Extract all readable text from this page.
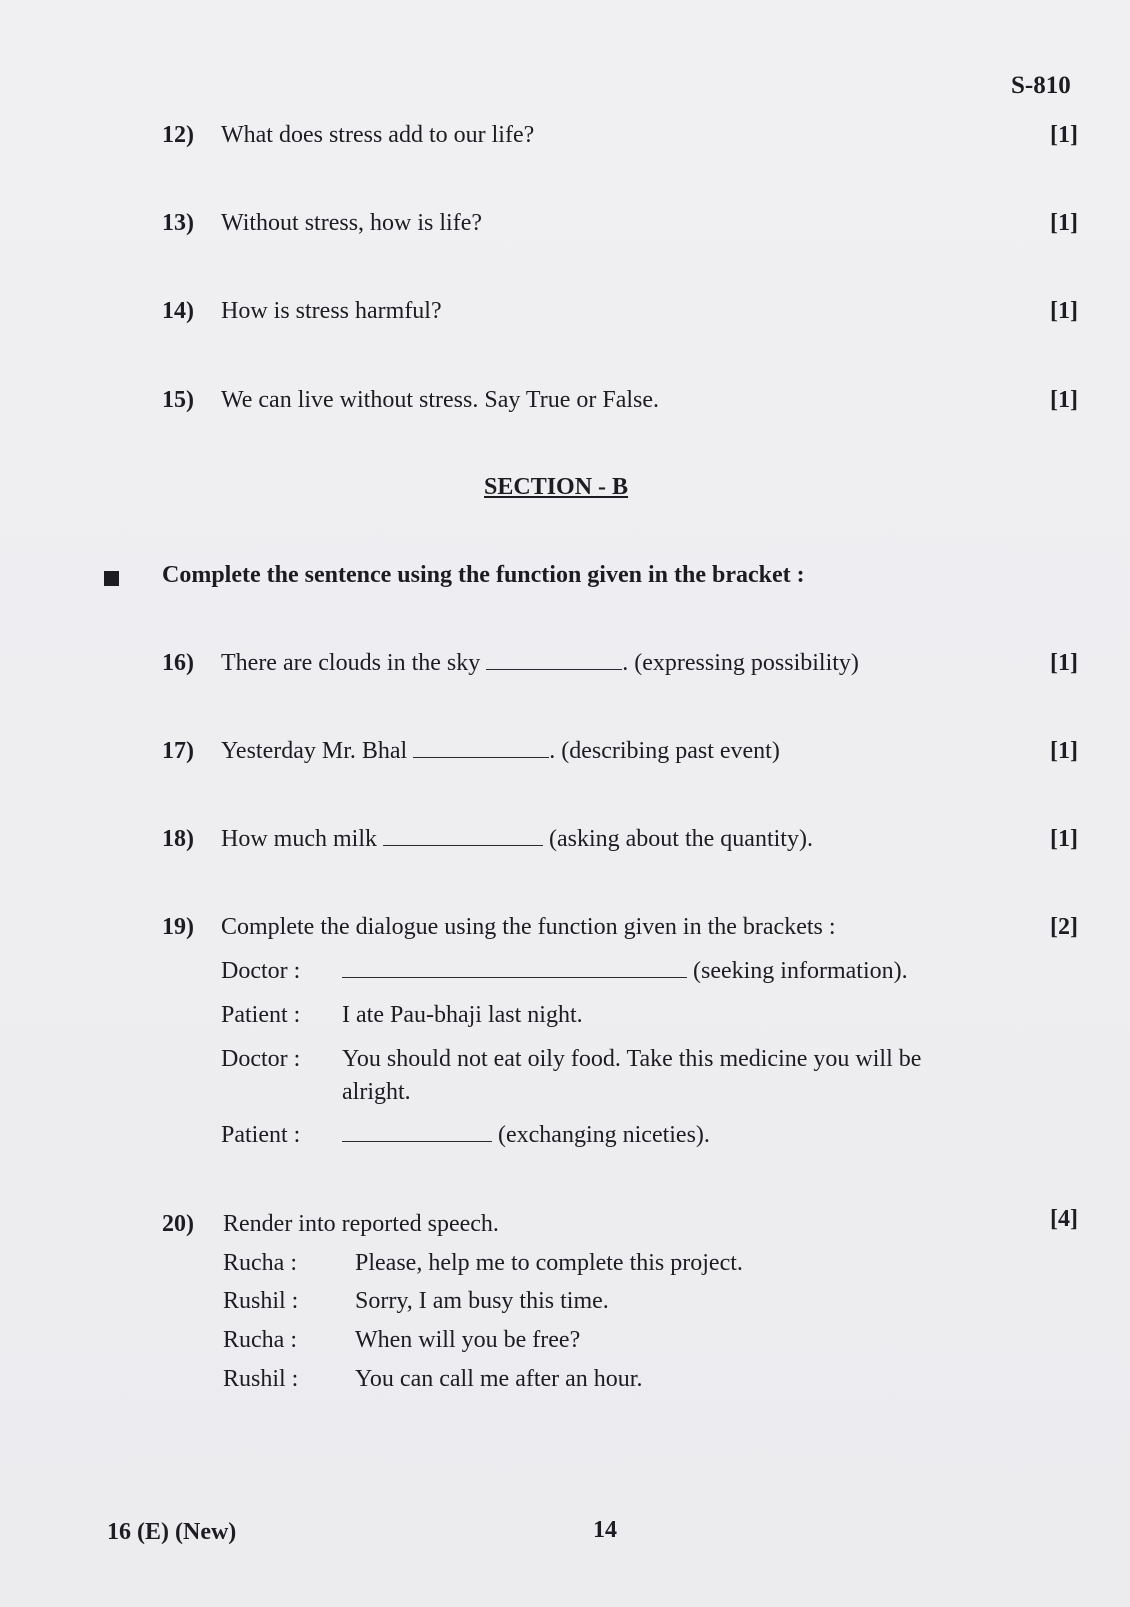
S-810
12) What does stress add to our life?	[1]
13) Without stress, how is life?	[1]
14) How is stress harmful?	[1]
15) We can live without stress. Say True or False.	[1]
SECTION - B
Complete the sentence using the function given in the bracket :
16) There are clouds in the sky	. (expressing possibility)	[1]
17) Yesterday Mr. Bhal	. (describing past event)	[1]
18) How much milk	(asking about the quantity).	[1]
19) Complete the dialogue using the function given in the brackets :	[2]
Doctor :	(seeking information).
Patient : I ate Pau-bhaji last night.
Doctor : You should not eat oily food. Take this medicine you will be
alright.
Patient :	(exchanging niceties).
20) Render into reported speech.	[4]
Rucha : Please, help me to complete this project.
Rushil : Sorry, I am busy this time.
Rucha : When will you be free?
Rushil : You can call me after an hour.
16 (E) (New)	14
